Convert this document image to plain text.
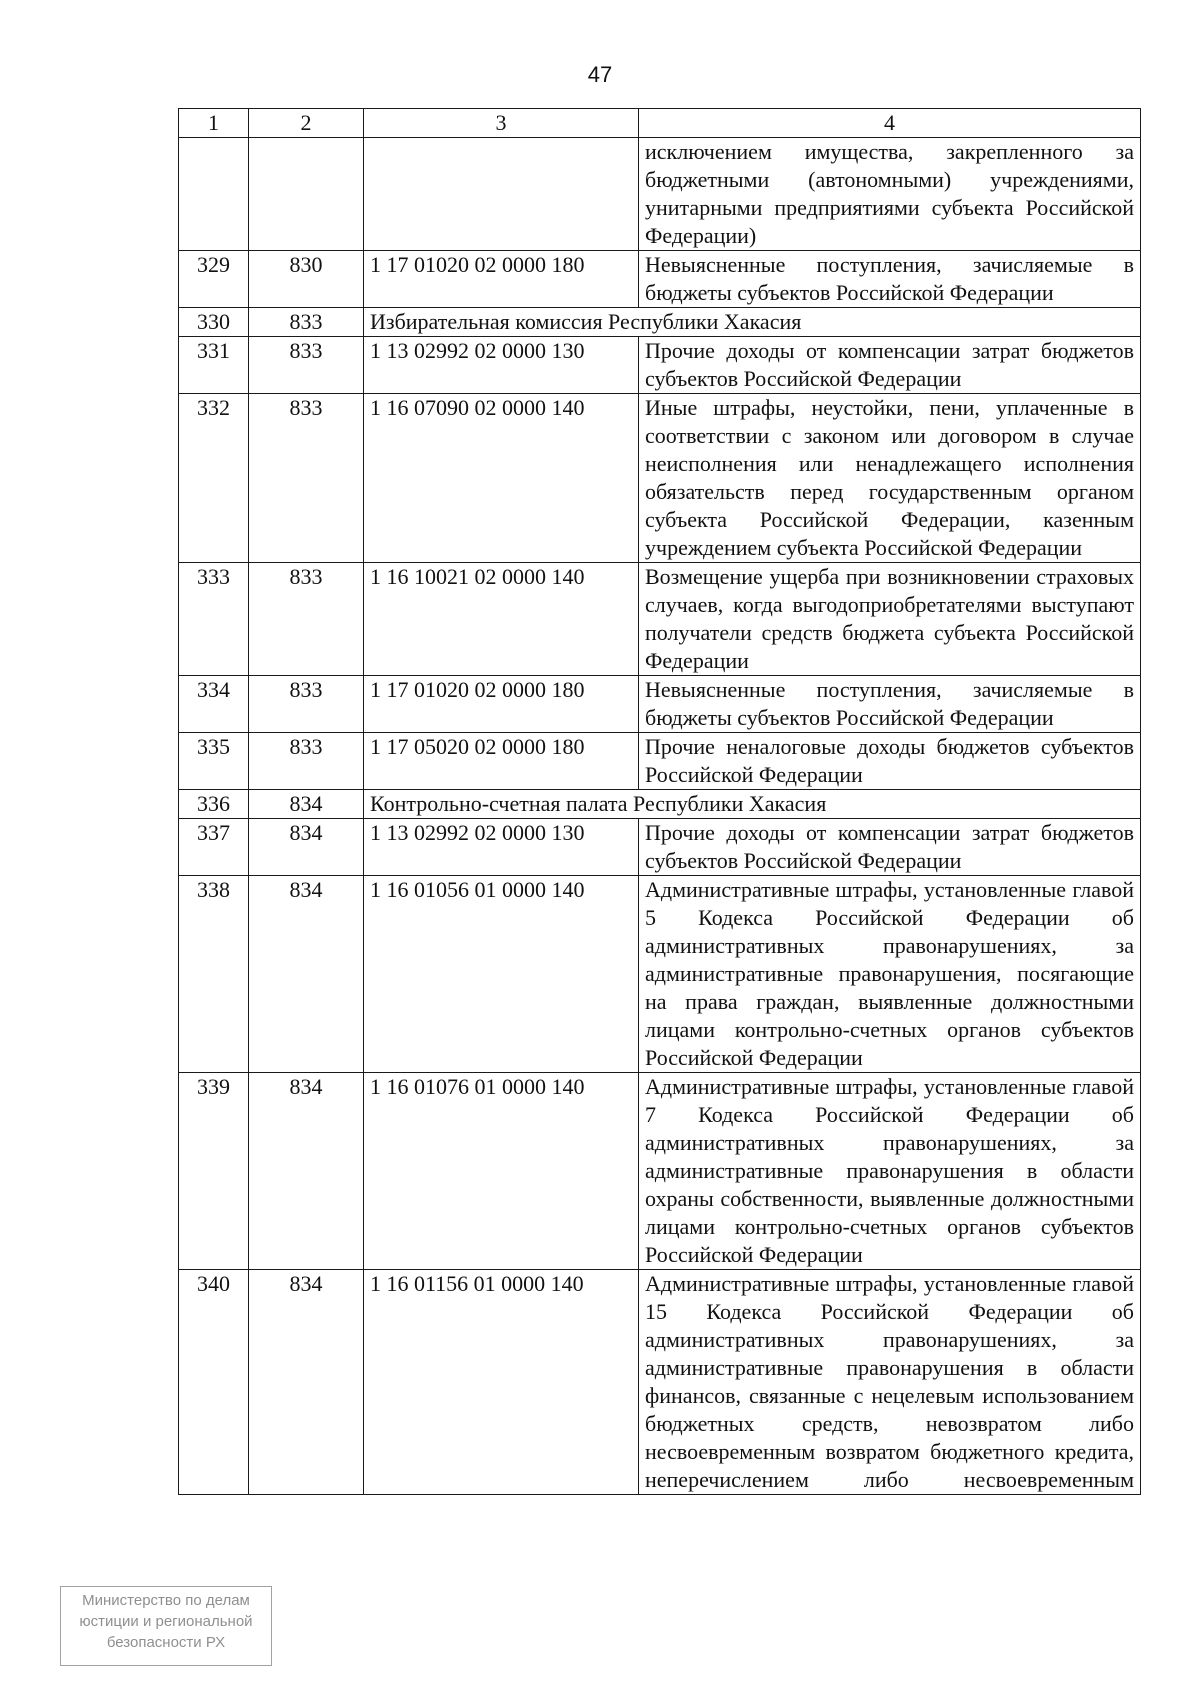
47
1	2	3	4
			исключением имущества, закрепленного за бюджетными (автономными) учреждениями, унитарными предприятиями субъекта Российской Федерации)
329	830	1 17 01020 02 0000 180	Невыясненные поступления, зачисляемые в бюджеты субъектов Российской Федерации
330	833	Избирательная комиссия Республики Хакасия	
331	833	1 13 02992 02 0000 130	Прочие доходы от компенсации затрат бюджетов субъектов Российской Федерации
332	833	1 16 07090 02 0000 140	Иные штрафы, неустойки, пени, уплаченные в соответствии с законом или договором в случае неисполнения или ненадлежащего исполнения обязательств перед государственным органом субъекта Российской Федерации, казенным учреждением субъекта Российской Федерации
333	833	1 16 10021 02 0000 140	Возмещение ущерба при возникновении страховых случаев, когда выгодоприобретателями выступают получатели средств бюджета субъекта Российской Федерации
334	833	1 17 01020 02 0000 180	Невыясненные поступления, зачисляемые в бюджеты субъектов Российской Федерации
335	833	1 17 05020 02 0000 180	Прочие неналоговые доходы бюджетов субъектов Российской Федерации
336	834	Контрольно-счетная палата Республики Хакасия	
337	834	1 13 02992 02 0000 130	Прочие доходы от компенсации затрат бюджетов субъектов Российской Федерации
338	834	1 16 01056 01 0000 140	Административные штрафы, установленные главой 5 Кодекса Российской Федерации об административных правонарушениях, за административные правонарушения, посягающие на права граждан, выявленные должностными лицами контрольно-счетных органов субъектов Российской Федерации
339	834	1 16 01076 01 0000 140	Административные штрафы, установленные главой 7 Кодекса Российской Федерации об административных правонарушениях, за административные правонарушения в области охраны собственности, выявленные должностными лицами контрольно-счетных органов субъектов Российской Федерации
340	834	1 16 01156 01 0000 140	Административные штрафы, установленные главой 15 Кодекса Российской Федерации об административных правонарушениях, за административные правонарушения в области финансов, связанные с нецелевым использованием бюджетных средств, невозвратом либо несвоевременным возвратом бюджетного кредита, неперечислением либо несвоевременным
Министерство по делам
юстиции и региональной
безопасности РХ
